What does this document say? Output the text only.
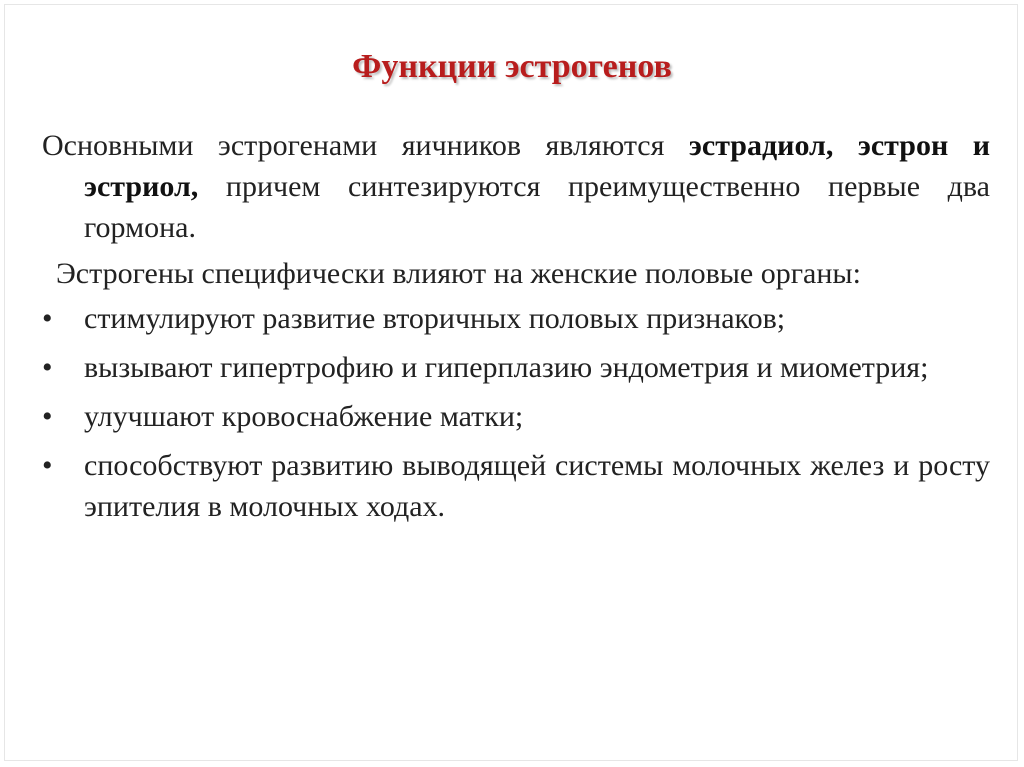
Функции эстрогенов

Основными эстрогенами яичников являются эстрадиол, эстрон и эстриол, причем синтезируются преимущественно первые два гормона.

Эстрогены специфически влияют на женские половые органы:

• стимулируют развитие вторичных половых признаков;
• вызывают гипертрофию и гиперплазию эндометрия и миометрия;
• улучшают кровоснабжение матки;
• способствуют развитию выводящей системы молочных желез и росту эпителия в молочных ходах.
